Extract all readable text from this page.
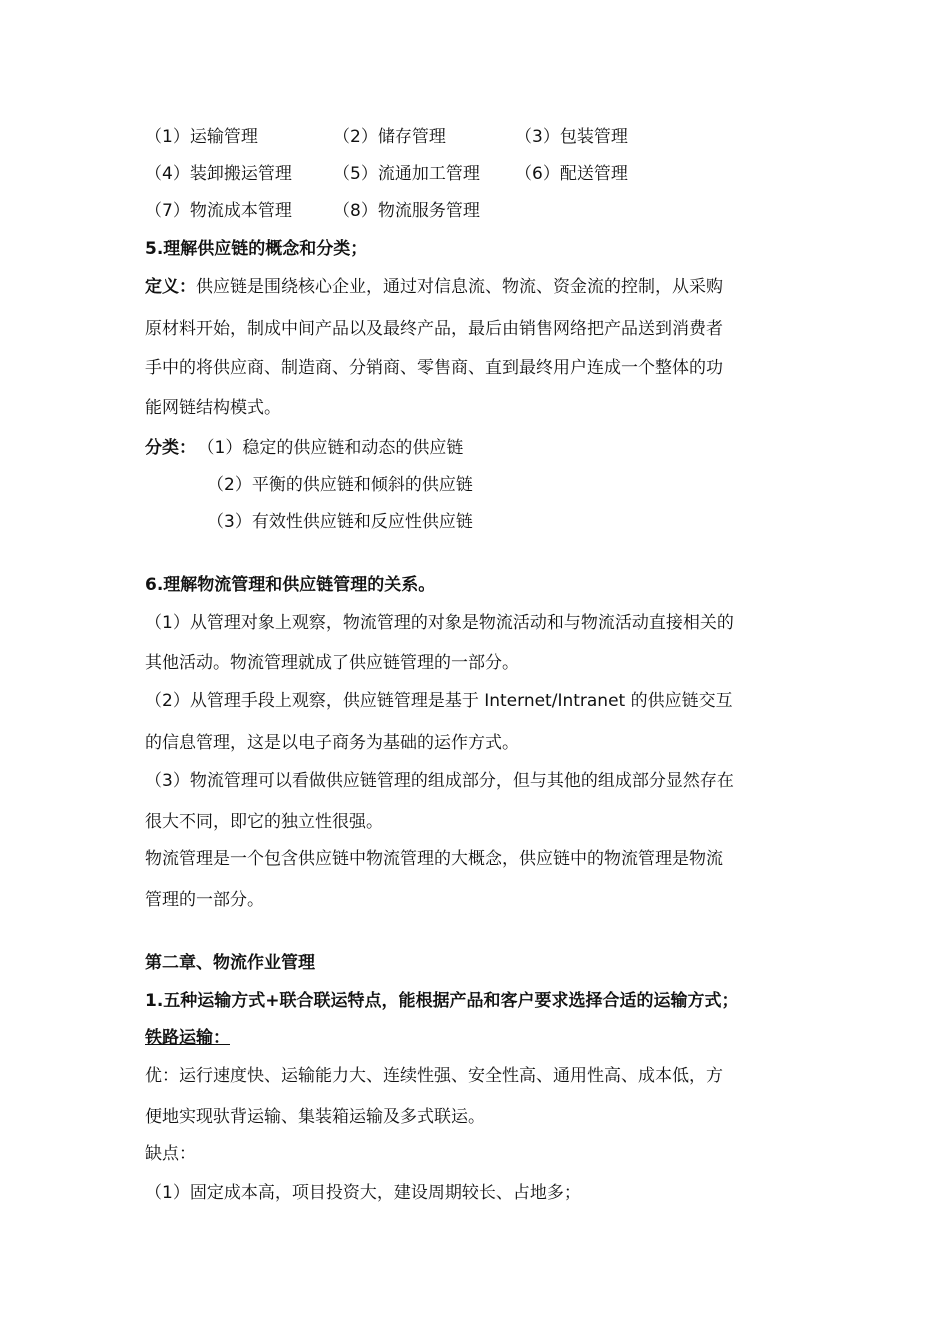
（1）运输管理	（2）储存管理	（3）包装管理
（4）装卸搬运管理 （5）流通加工管理 （6）配送管理
（7）物流成本管理 （8）物流服务管理
5.理解供应链的概念和分类；
定义：供应链是围绕核心企业，通过对信息流、物流、资金流的控制，从采购
原材料开始，制成中间产品以及最终产品，最后由销售网络把产品送到消费者
手中的将供应商、制造商、分销商、零售商、直到最终用户连成一个整体的功
能网链结构模式。
分类： （1）稳定的供应链和动态的供应链
（2）平衡的供应链和倾斜的供应链
（3）有效性供应链和反应性供应链
6.理解物流管理和供应链管理的关系。
（1）从管理对象上观察，物流管理的对象是物流活动和与物流活动直接相关的
其他活动。物流管理就成了供应链管理的一部分。
（2）从管理手段上观察，供应链管理是基于 Internet/Intranet 的供应链交互
的信息管理，这是以电子商务为基础的运作方式。
（3）物流管理可以看做供应链管理的组成部分，但与其他的组成部分显然存在
很大不同，即它的独立性很强。
物流管理是一个包含供应链中物流管理的大概念，供应链中的物流管理是物流
管理的一部分。
第二章、物流作业管理
1.五种运输方式+联合联运特点，能根据产品和客户要求选择合适的运输方式；
铁路运输：
优：运行速度快、运输能力大、连续性强、安全性高、通用性高、成本低，方
便地实现驮背运输、集装箱运输及多式联运。
缺点：
（1）固定成本高，项目投资大，建设周期较长、占地多；
